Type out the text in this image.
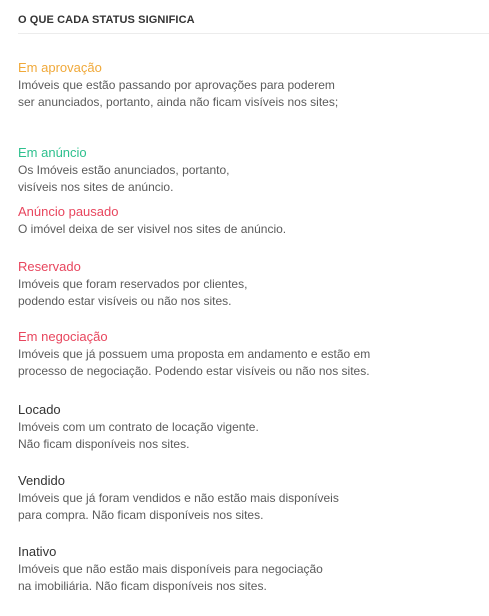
O QUE CADA STATUS SIGNIFICA
Em aprovação
Imóveis que estão passando por aprovações para poderem
ser anunciados, portanto, ainda não ficam visíveis nos sites;
Em anúncio
Os Imóveis estão anunciados, portanto,
visíveis nos sites de anúncio.
Anúncio pausado
O imóvel deixa de ser visivel nos sites de anúncio.
Reservado
Imóveis que foram reservados por clientes,
podendo estar visíveis ou não nos sites.
Em negociação
Imóveis que já possuem uma proposta em andamento e estão em
processo de negociação. Podendo estar visíveis ou não nos sites.
Locado
Imóveis com um contrato de locação vigente.
Não ficam disponíveis nos sites.
Vendido
Imóveis que já foram vendidos e não estão mais disponíveis
para compra. Não ficam disponíveis nos sites.
Inativo
Imóveis que não estão mais disponíveis para negociação
na imobiliária. Não ficam disponíveis nos sites.
